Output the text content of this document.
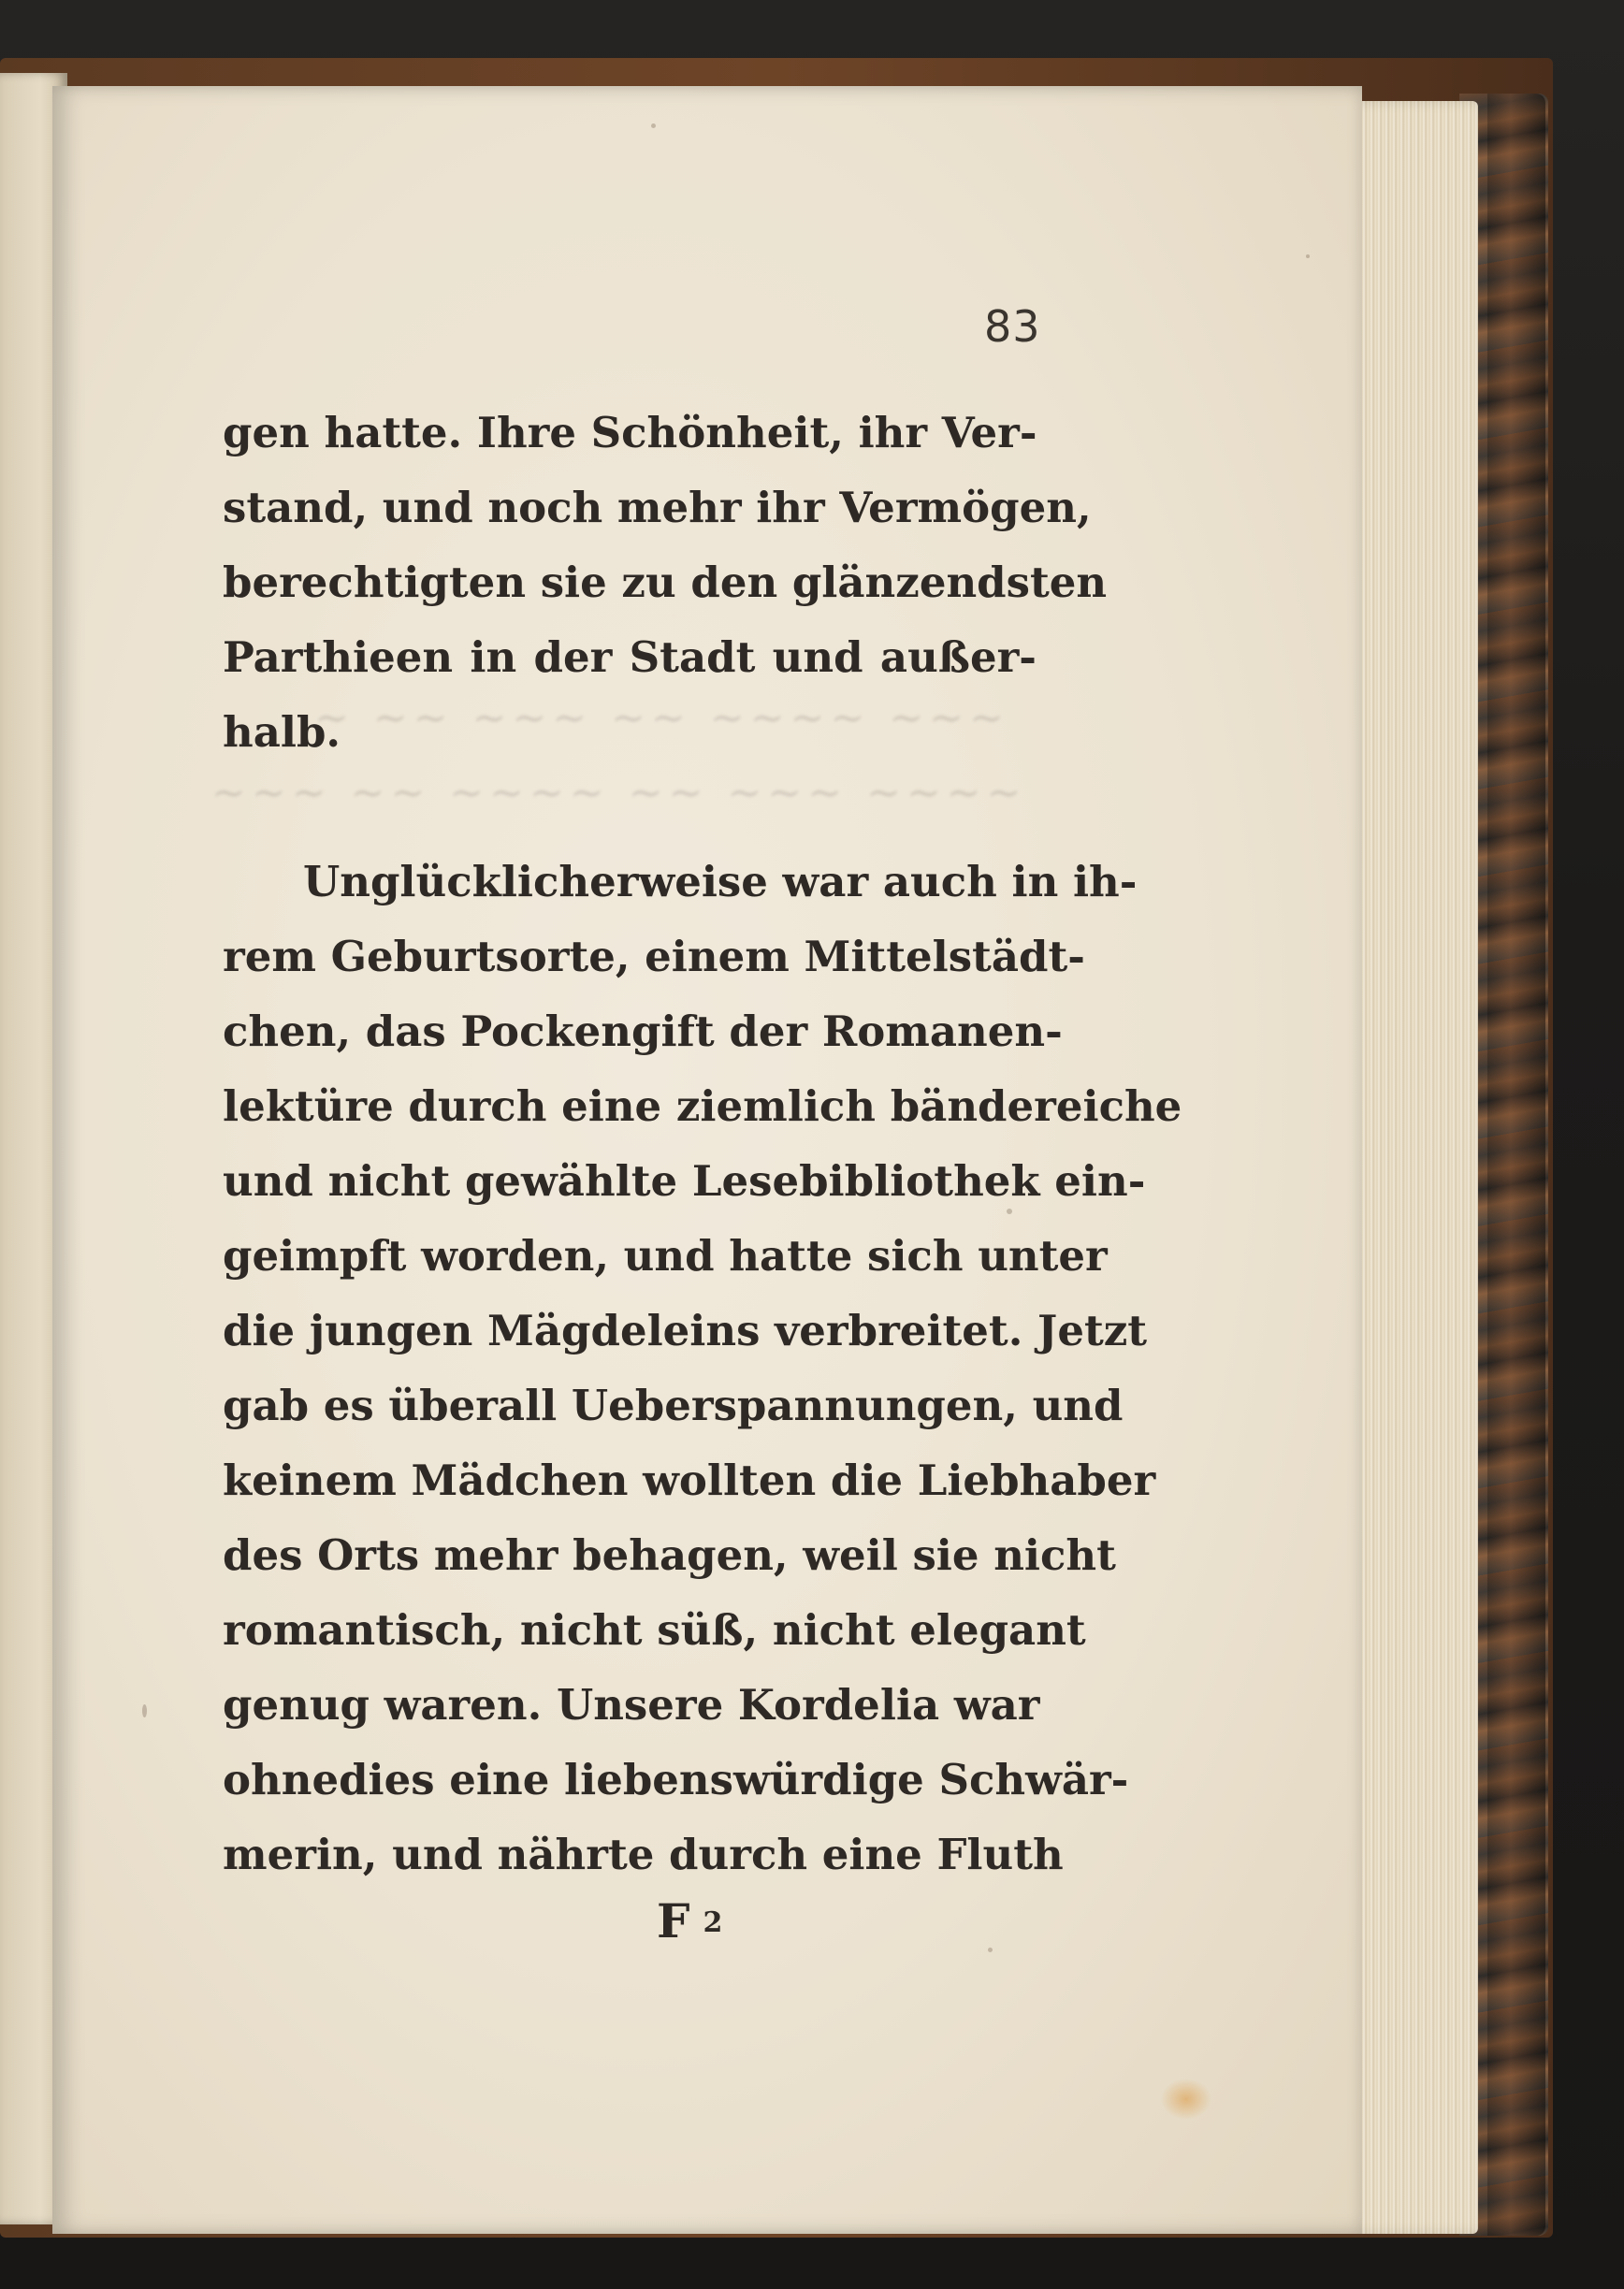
~ ~~ ~~~ ~~ ~~~~ ~~~
~~~ ~~ ~~~~ ~~ ~~~ ~~~~
83
gen hatte. Ihre Schönheit, ihr Ver-
stand, und noch mehr ihr Vermögen,
berechtigten sie zu den glänzendsten
Parthieen in der Stadt und außer-
halb.
Unglücklicherweise war auch in ih-
rem Geburtsorte, einem Mittelstädt-
chen, das Pockengift der Romanen-
lektüre durch eine ziemlich bändereiche
und nicht gewählte Lesebibliothek ein-
geimpft worden, und hatte sich unter
die jungen Mägdeleins verbreitet. Jetzt
gab es überall Ueberspannungen, und
keinem Mädchen wollten die Liebhaber
des Orts mehr behagen, weil sie nicht
romantisch, nicht süß, nicht elegant
genug waren. Unsere Kordelia war
ohnedies eine liebenswürdige Schwär-
merin, und nährte durch eine Fluth
F 2
